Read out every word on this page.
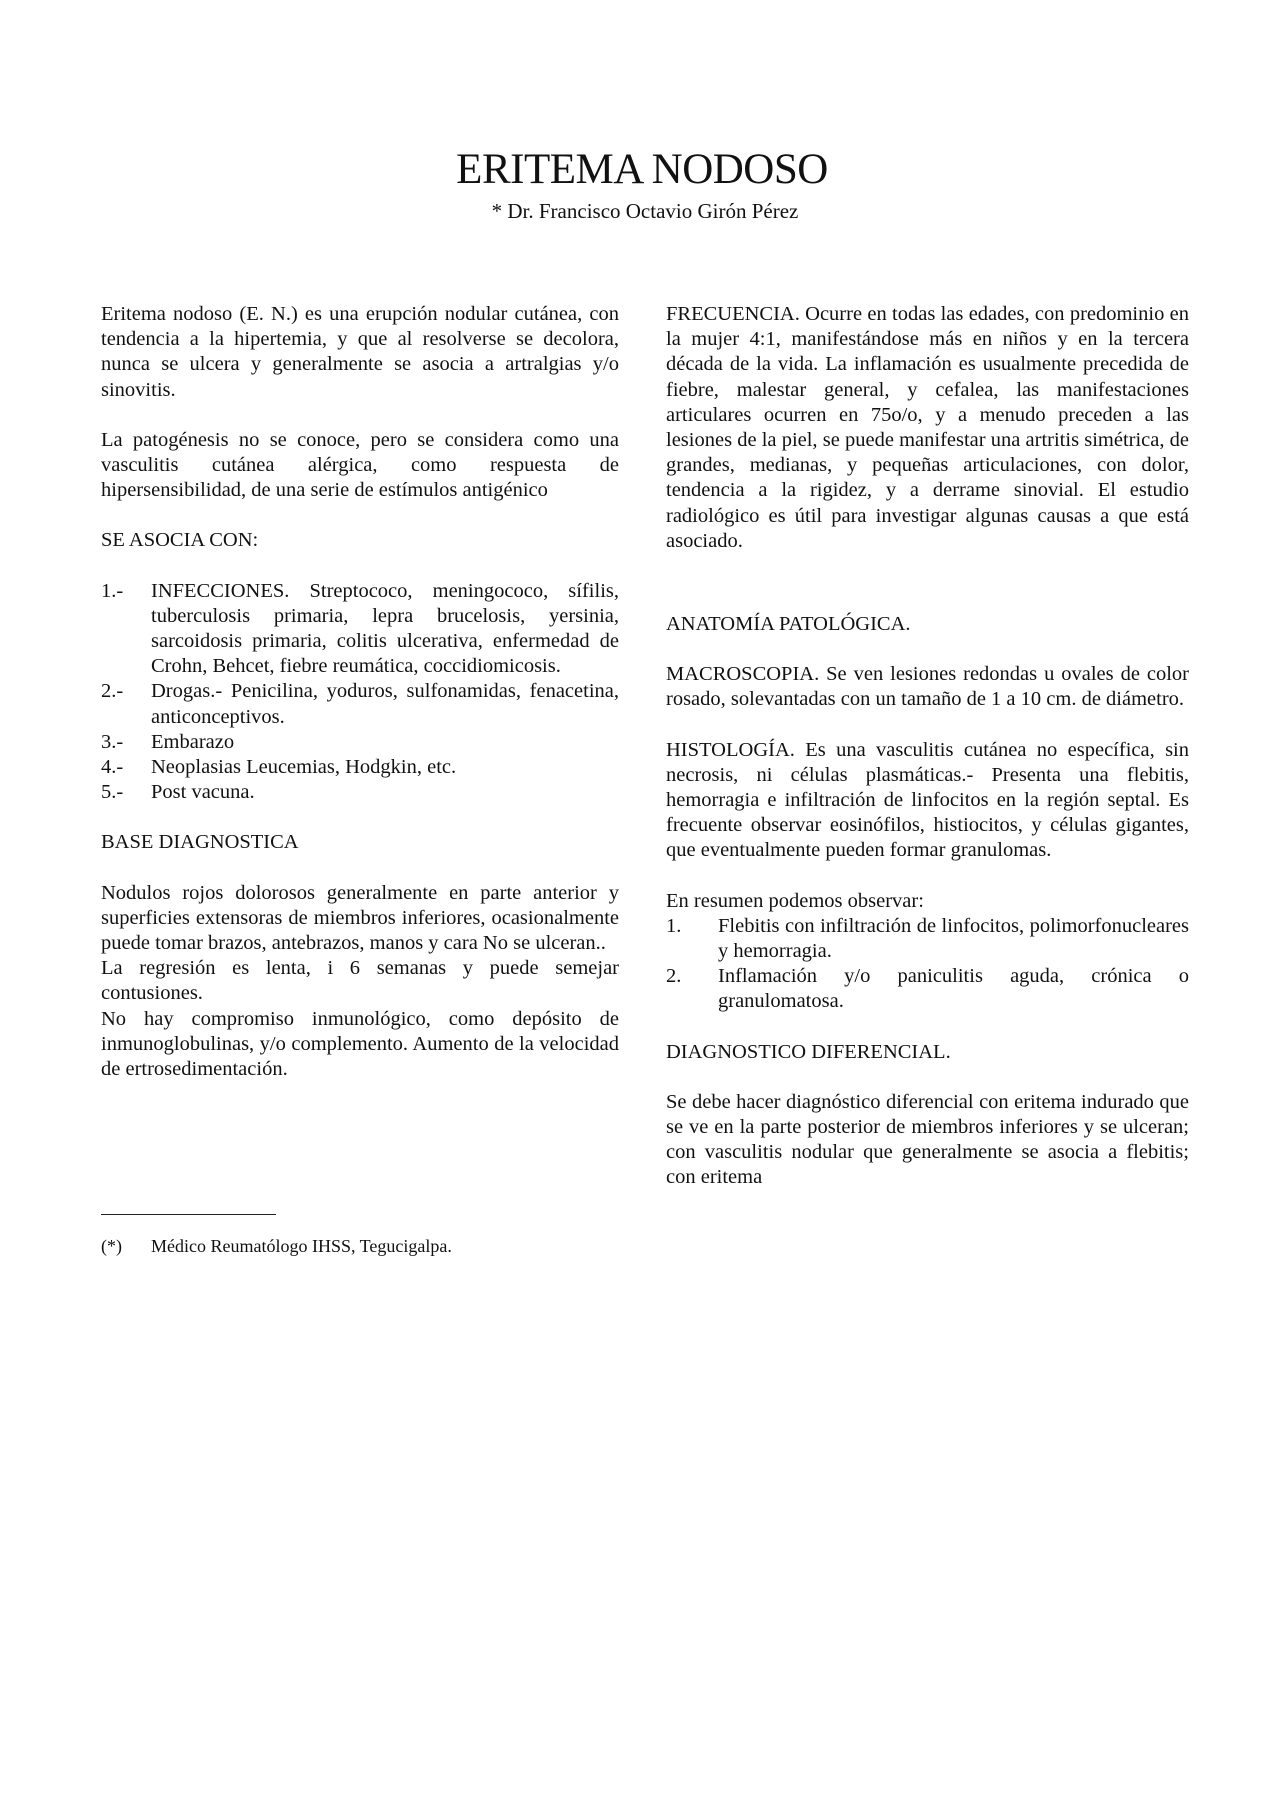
ERITEMA NODOSO
* Dr. Francisco Octavio Girón Pérez

Eritema nodoso (E. N.) es una erupción nodular cutánea, con tendencia a la hipertemia, y que al resolverse se decolora, nunca se ulcera y generalmente se asocia a artralgias y/o sinovitis.

La patogénesis no se conoce, pero se considera como una vasculitis cutánea alérgica, como respuesta de hipersensibilidad, de una serie de estímulos antigénico

SE ASOCIA CON:

1.- INFECCIONES. Streptococo, meningococo, sífilis, tuberculosis primaria, lepra brucelosis, yersinia, sarcoidosis primaria, colitis ulcerativa, enfermedad de Crohn, Behcet, fiebre reumática, coccidiomicosis.
2.- Drogas.- Penicilina, yoduros, sulfonamidas, fenacetina, anticonceptivos.
3.- Embarazo
4.- Neoplasias Leucemias, Hodgkin, etc.
5.- Post vacuna.

BASE DIAGNOSTICA

Nodulos rojos dolorosos generalmente en parte anterior y superficies extensoras de miembros inferiores, ocasionalmente puede tomar brazos, antebrazos, manos y cara No se ulceran..

La regresión es lenta, i 6 semanas y puede semejar contusiones.

No hay compromiso inmunológico, como depósito de inmunoglobulinas, y/o complemento. Aumento de la velocidad de ertrosedimentación.

(*) Médico Reumatólogo IHSS, Tegucigalpa.

FRECUENCIA. Ocurre en todas las edades, con predominio en la mujer 4:1, manifestándose más en niños y en la tercera década de la vida. La inflamación es usualmente precedida de fiebre, malestar general, y cefalea, las manifestaciones articulares ocurren en 75o/o, y a menudo preceden a las lesiones de la piel, se puede manifestar una artritis simétrica, de grandes, medianas, y pequeñas articulaciones, con dolor, tendencia a la rigidez, y a derrame sinovial. El estudio radiológico es útil para investigar algunas causas a que está asociado.

ANATOMÍA PATOLÓGICA.

MACROSCOPIA. Se ven lesiones redondas u ovales de color rosado, solevantadas con un tamaño de 1 a 10 cm. de diámetro.

HISTOLOGÍA. Es una vasculitis cutánea no específica, sin necrosis, ni células plasmáticas.- Presenta una flebitis, hemorragia e infiltración de linfocitos en la región septal. Es frecuente observar eosinófilos, histiocitos, y células gigantes, que eventualmente pueden formar granulomas.

En resumen podemos observar:

1. Flebitis con infiltración de linfocitos, polimorfonucleares y hemorragia.
2. Inflamación y/o paniculitis aguda, crónica o granulomatosa.

DIAGNOSTICO DIFERENCIAL.

Se debe hacer diagnóstico diferencial con eritema indurado que se ve en la parte posterior de miembros inferiores y se ulceran; con vasculitis nodular que generalmente se asocia a flebitis; con eritema
